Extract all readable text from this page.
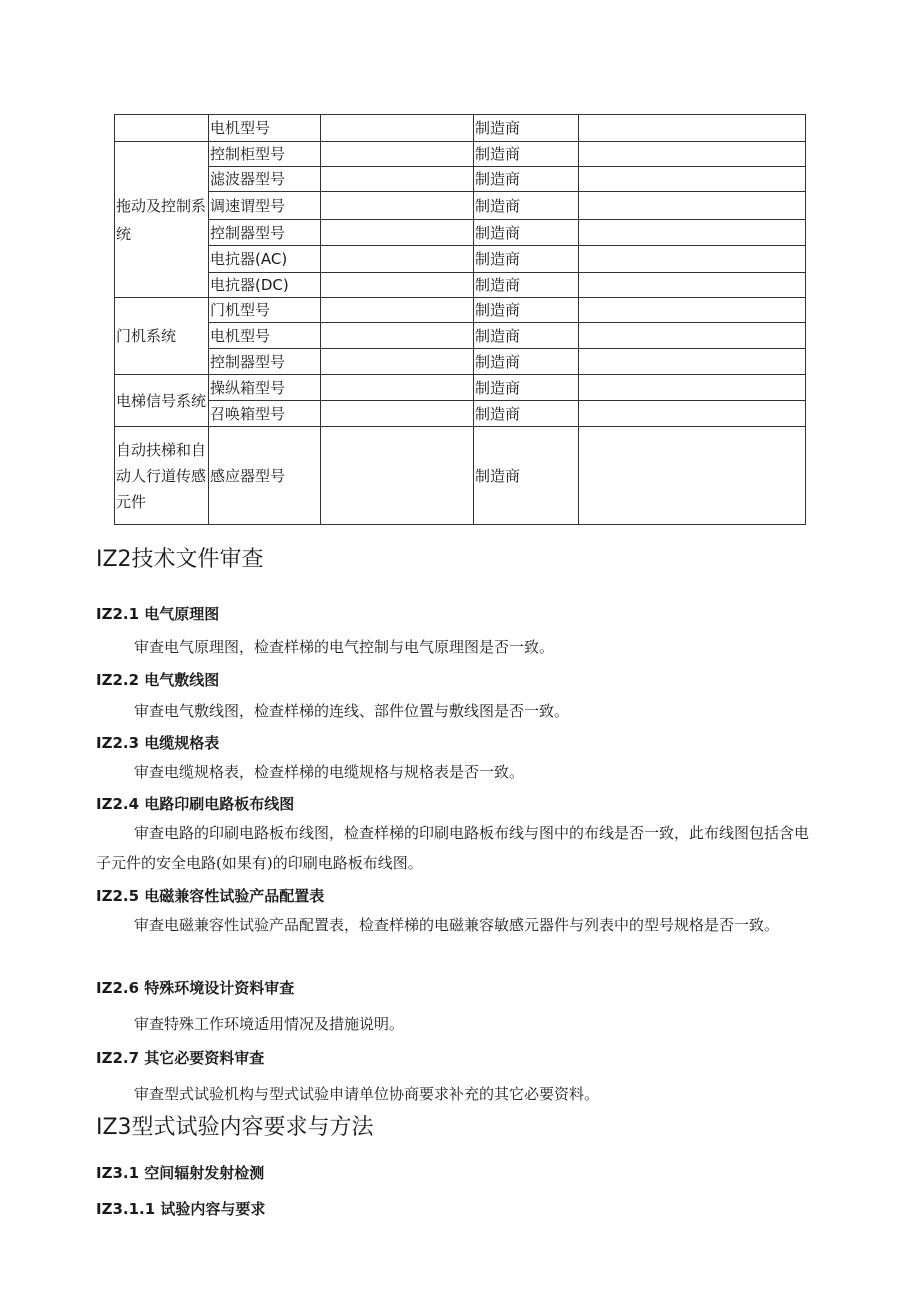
	电机型号		制造商	
拖动及控制系统	控制柜型号		制造商	
	滤波器型号		制造商	
	调速谓型号		制造商	
	控制器型号		制造商	
	电抗器(AC)		制造商	
	电抗器(DC)		制造商	
门机系统	门机型号		制造商	
	电机型号		制造商	
	控制器型号		制造商	
电梯信号系统	操纵箱型号		制造商	
	召唤箱型号		制造商	
自动扶梯和自动人行道传感元件	感应器型号		制造商	
IZ2技术文件审查
IZ2.1 电气原理图
审查电气原理图，检查样梯的电气控制与电气原理图是否一致。
IZ2.2 电气敷线图
审查电气敷线图，检查样梯的连线、部件位置与敷线图是否一致。
IZ2.3 电缆规格表
审查电缆规格表，检查样梯的电缆规格与规格表是否一致。
IZ2.4 电路印刷电路板布线图
审查电路的印刷电路板布线图，检查样梯的印刷电路板布线与图中的布线是否一致，此布线图包括含电子元件的安全电路(如果有)的印刷电路板布线图。
IZ2.5 电磁兼容性试验产品配置表
审查电磁兼容性试验产品配置表，检查样梯的电磁兼容敏感元器件与列表中的型号规格是否一致。
IZ2.6 特殊环境设计资料审查
审查特殊工作环境适用情况及措施说明。
IZ2.7 其它必要资料审查
审查型式试验机构与型式试验申请单位协商要求补充的其它必要资料。
IZ3型式试验内容要求与方法
IZ3.1 空间辐射发射检测
IZ3.1.1 试验内容与要求
